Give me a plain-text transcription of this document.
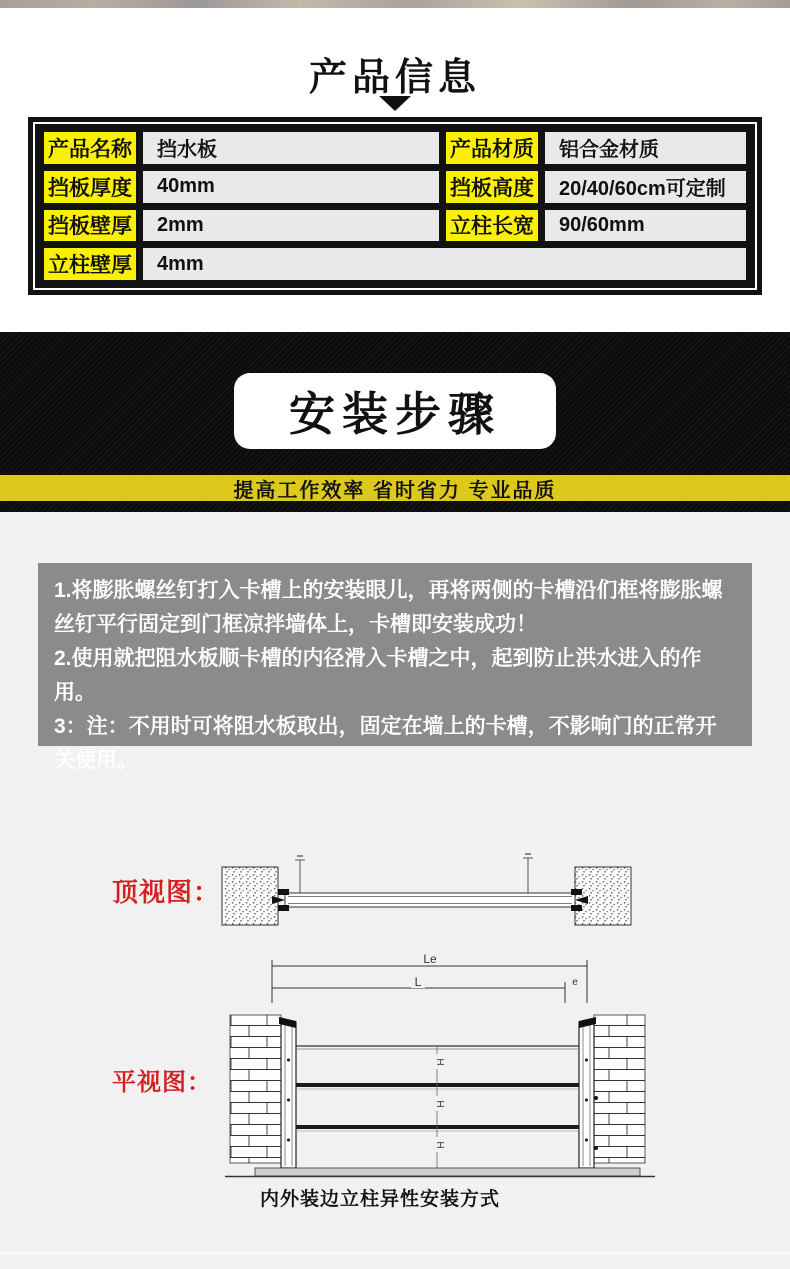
产品信息
产品名称	挡水板	产品材质	铝合金材质
挡板厚度	40mm	挡板高度	20/40/60cm可定制
挡板壁厚	2mm	立柱长宽	90/60mm
立柱壁厚	4mm
安装步骤
提高工作效率 省时省力 专业品质

1.将膨胀螺丝钉打入卡槽上的安装眼儿，再将两侧的卡槽沿们框将膨胀螺丝钉平行固定到门框凉拌墙体上，卡槽即安装成功！

2.使用就把阻水板顺卡槽的内径滑入卡槽之中，起到防止洪水进入的作用。

3：注：不用时可将阻水板取出，固定在墙上的卡槽，不影响门的正常开关使用。

顶视图：
平视图：
Le
L	e
H
H
H
内外装边立柱异性安装方式
